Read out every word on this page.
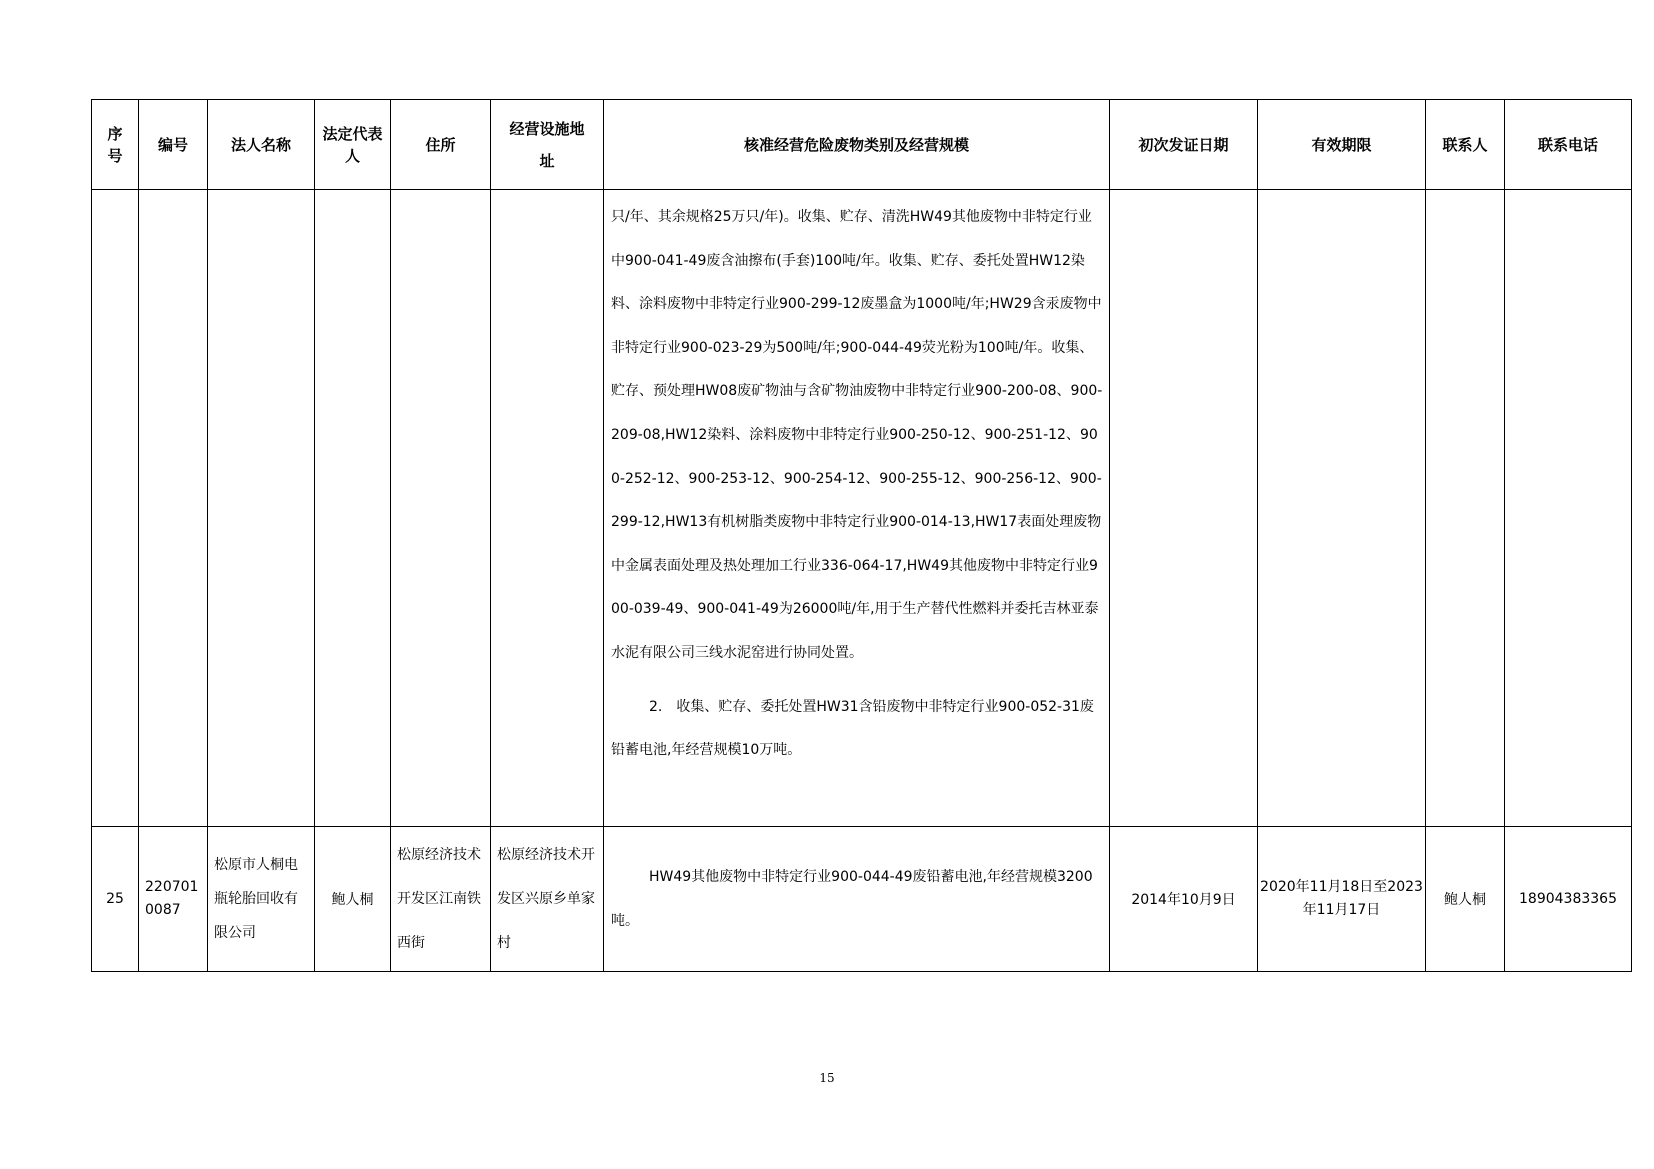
序号	编号	法人名称	法定代表人	住所	经营设施地址	核准经营危险废物类别及经营规模	初次发证日期	有效期限	联系人	联系电话

						只/年、其余规格25万只/年)。收集、贮存、清洗HW49其他废物中非特定行业中900-041-49废含油擦布(手套)100吨/年。收集、贮存、委托处置HW12染料、涂料废物中非特定行业900-299-12废墨盒为1000吨/年;HW29含汞废物中非特定行业900-023-29为500吨/年;900-044-49荧光粉为100吨/年。收集、贮存、预处理HW08废矿物油与含矿物油废物中非特定行业900-200-08、900-209-08,HW12染料、涂料废物中非特定行业900-250-12、900-251-12、900-252-12、900-253-12、900-254-12、900-255-12、900-256-12、900-299-12,HW13有机树脂类废物中非特定行业900-014-13,HW17表面处理废物中金属表面处理及热处理加工行业336-064-17,HW49其他废物中非特定行业900-039-49、900-041-49为26000吨/年,用于生产替代性燃料并委托吉林亚泰水泥有限公司三线水泥窑进行协同处置。

2.　收集、贮存、委托处置HW31含铅废物中非特定行业900-052-31废铅蓄电池,年经营规模10万吨。				

25	2207010087	松原市人桐电瓶轮胎回收有限公司	鲍人桐	松原经济技术开发区江南铁西街	松原经济技术开发区兴原乡单家村	HW49其他废物中非特定行业900-044-49废铅蓄电池,年经营规模3200吨。	2014年10月9日	2020年11月18日至2023年11月17日	鲍人桐	18904383365
15
